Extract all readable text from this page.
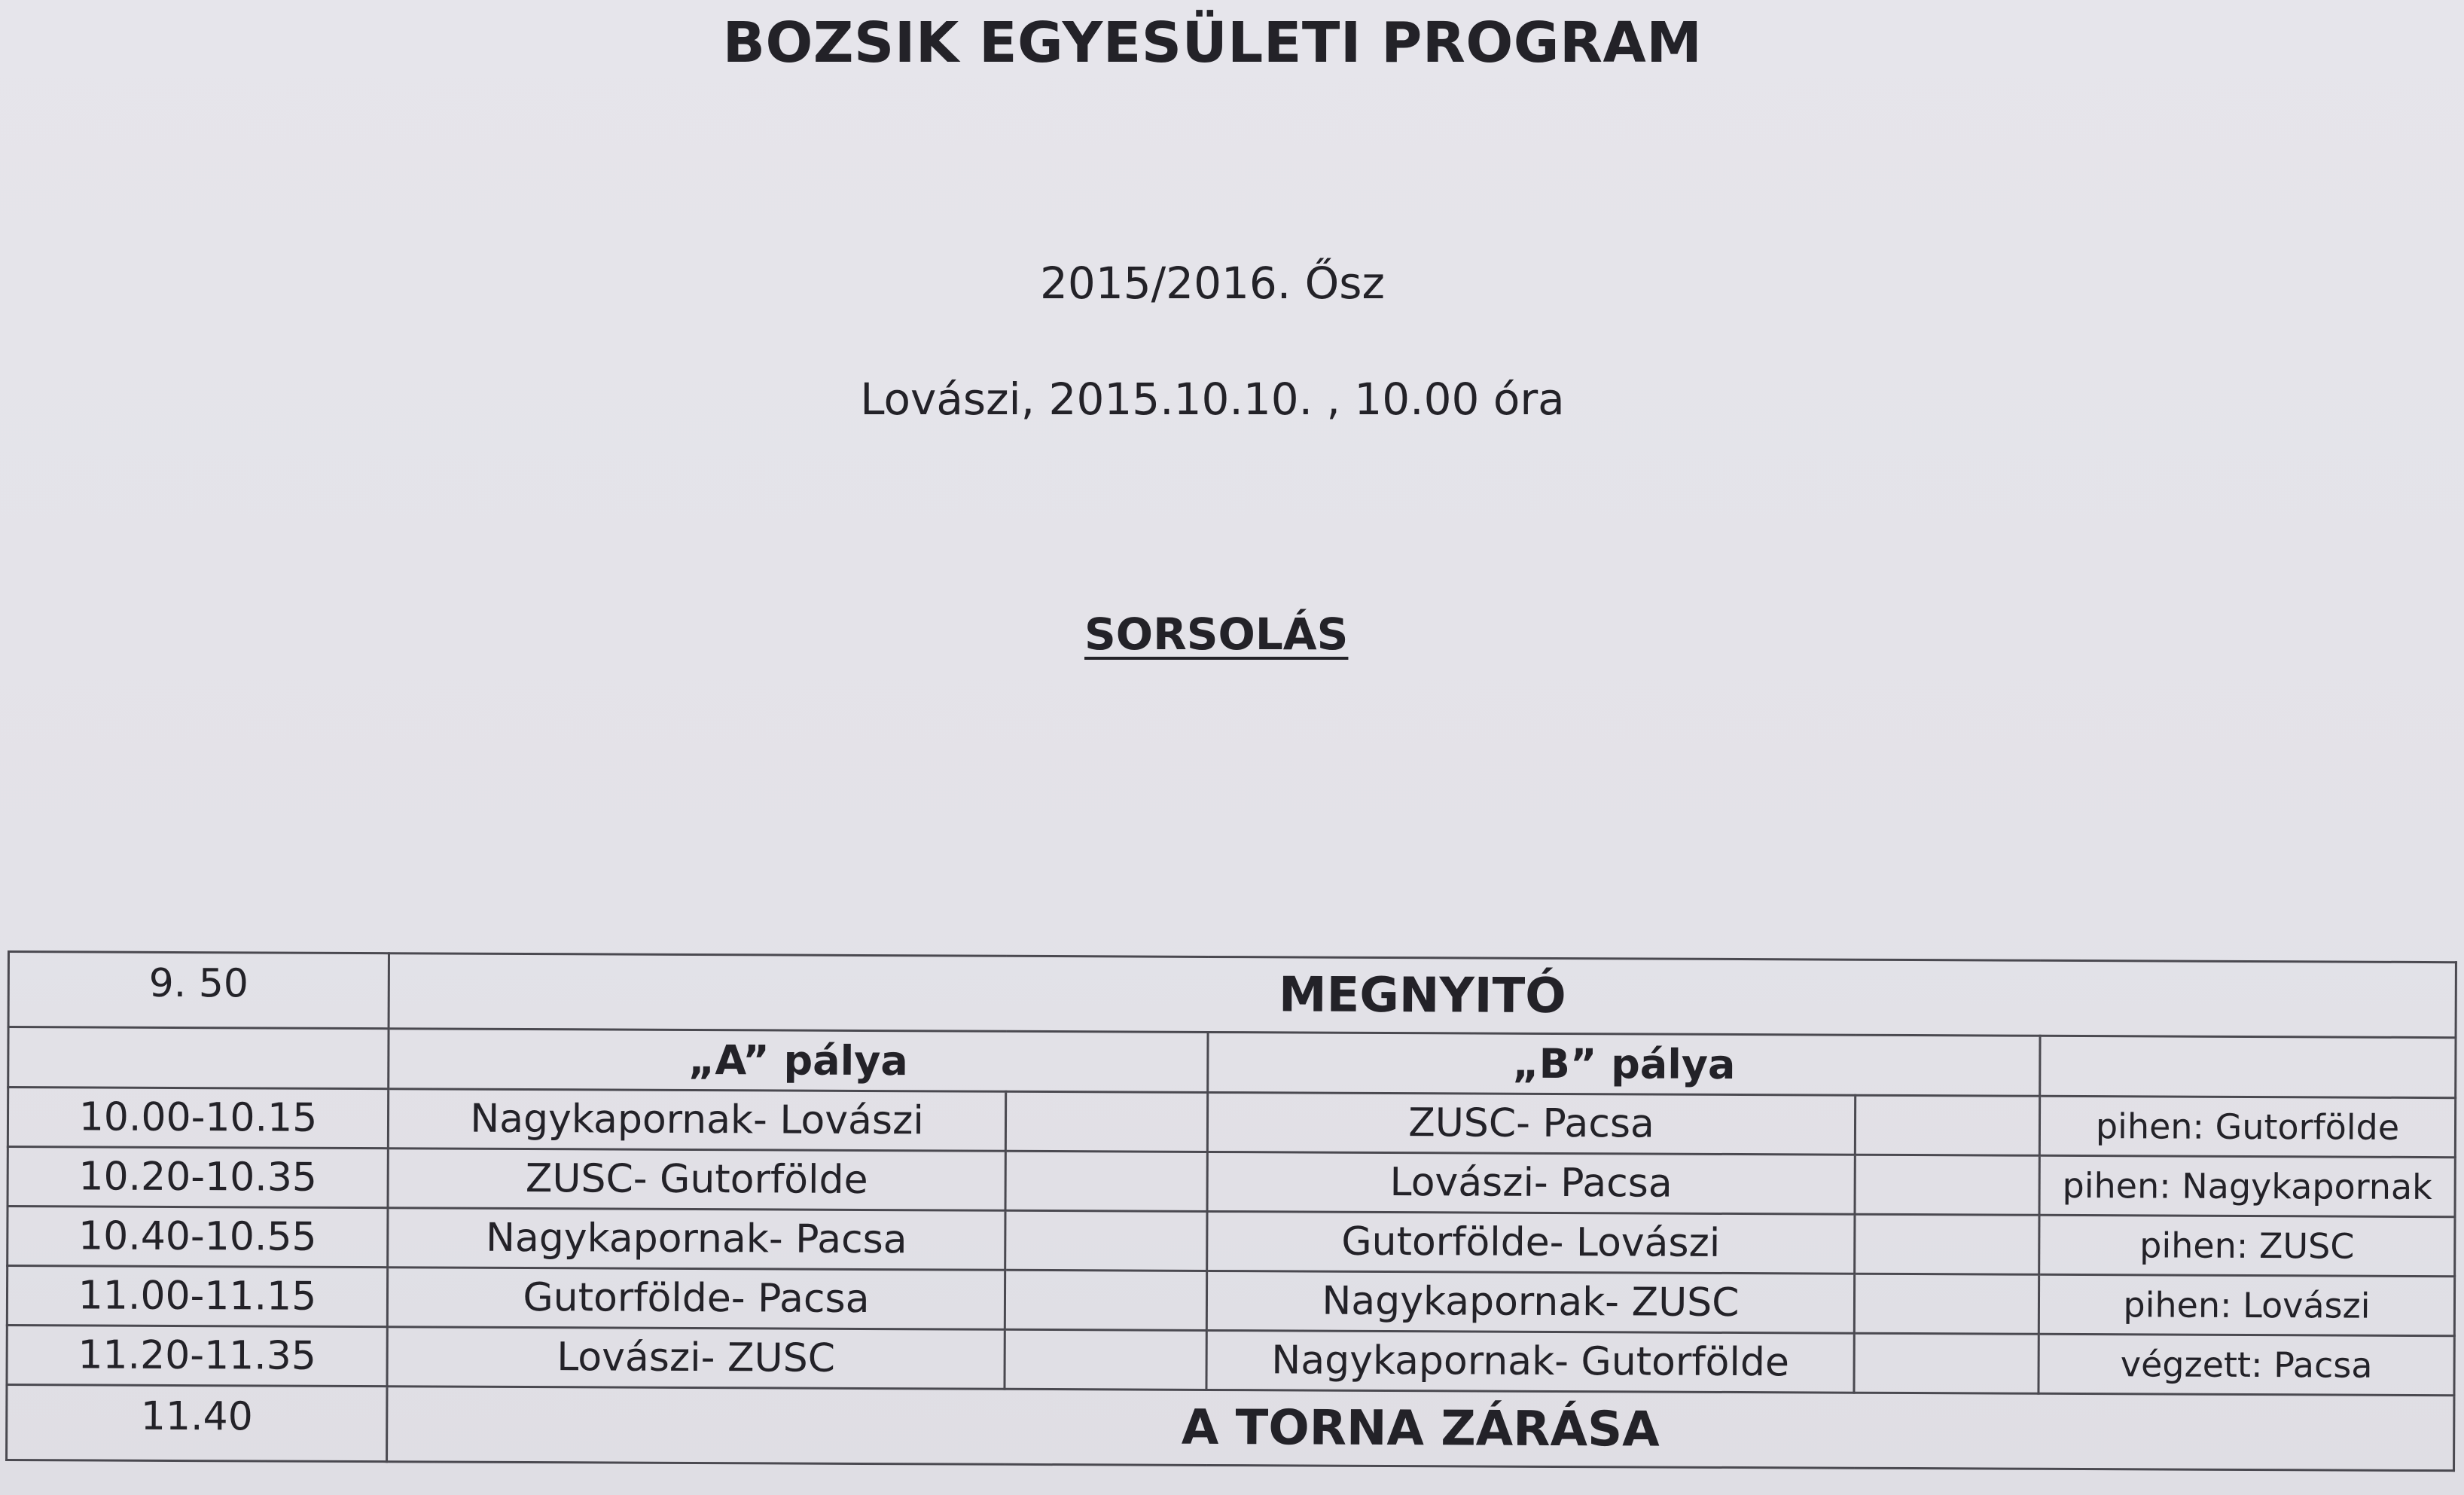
BOZSIK EGYESÜLETI PROGRAM
2015/2016. Ősz
Lovászi, 2015.10.10. , 10.00 óra
SORSOLÁS
9. 50	MEGNYITÓ				
	„A” pálya		„B” pálya		
10.00-10.15	Nagykapornak- Lovászi		ZUSC- Pacsa		pihen: Gutorfölde
10.20-10.35	ZUSC- Gutorfölde		Lovászi- Pacsa		pihen: Nagykapornak
10.40-10.55	Nagykapornak- Pacsa		Gutorfölde- Lovászi		pihen: ZUSC
11.00-11.15	Gutorfölde- Pacsa		Nagykapornak- ZUSC		pihen: Lovászi
11.20-11.35	Lovászi- ZUSC		Nagykapornak- Gutorfölde		végzett: Pacsa
11.40	A TORNA ZÁRÁSA				
